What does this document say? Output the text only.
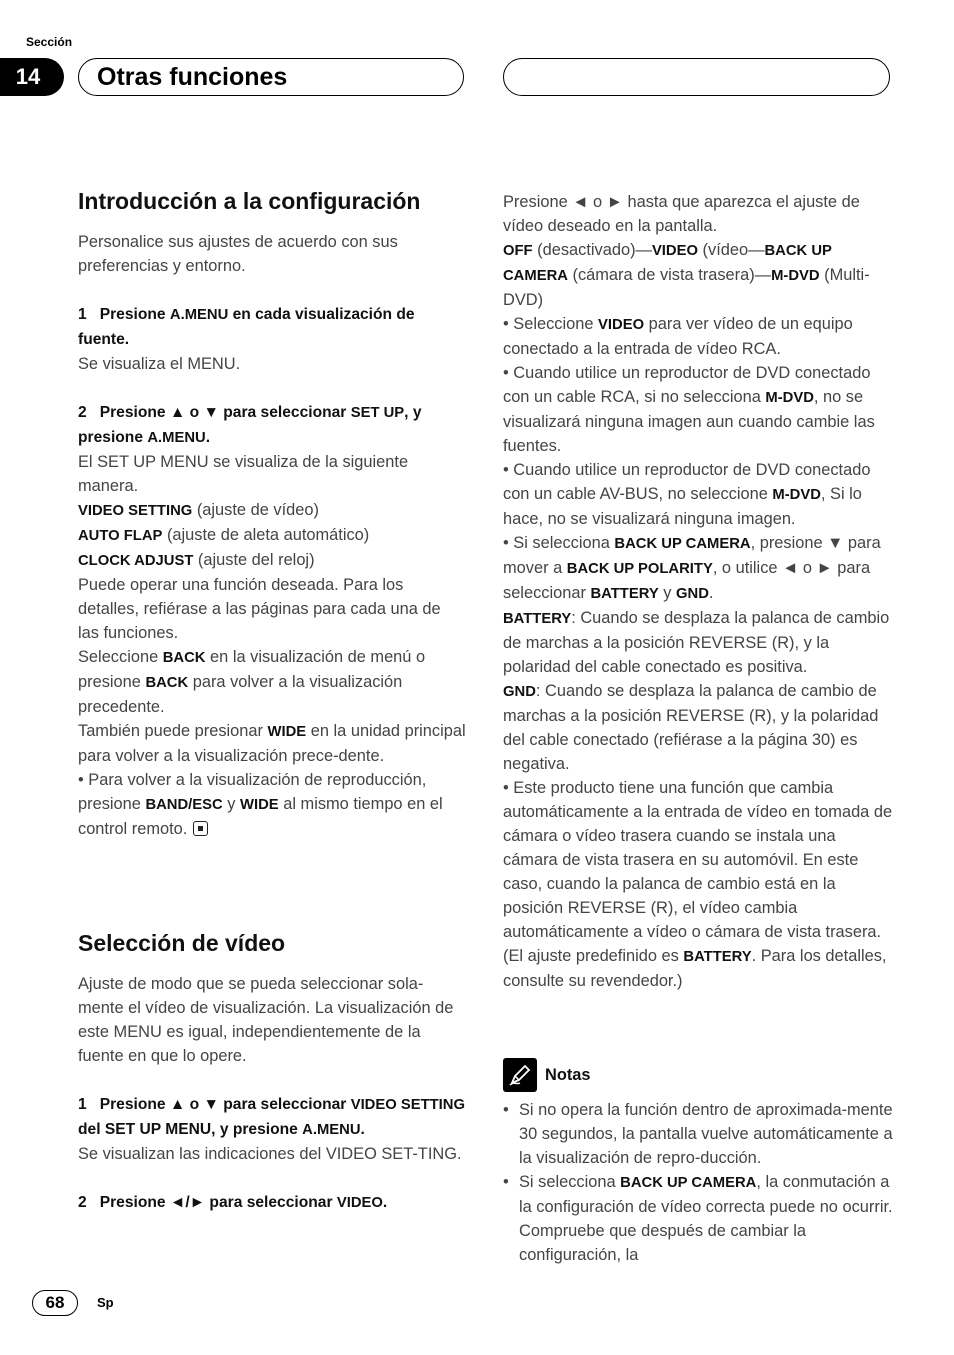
Sección
14	Otras funciones

Introducción a la configuración

Personalice sus ajustes de acuerdo con sus preferencias y entorno.

1 Presione A.MENU en cada visualización de fuente.

Se visualiza el MENU.

2 Presione ▲ o ▼ para seleccionar SET UP, y presione A.MENU.

El SET UP MENU se visualiza de la siguiente manera.

VIDEO SETTING (ajuste de vídeo)

AUTO FLAP (ajuste de aleta automático)

CLOCK ADJUST (ajuste del reloj)

Puede operar una función deseada. Para los detalles, refiérase a las páginas para cada una de las funciones.

Seleccione BACK en la visualización de menú o presione BACK para volver a la visualización precedente.

También puede presionar WIDE en la unidad principal para volver a la visualización prece-dente.

• Para volver a la visualización de reproducción, presione BAND/ESC y WIDE al mismo tiempo en el control remoto.

Selección de vídeo

Ajuste de modo que se pueda seleccionar sola-mente el vídeo de visualización. La visualización de este MENU es igual, independientemente de la fuente en que lo opere.

1 Presione ▲ o ▼ para seleccionar VIDEO SETTING del SET UP MENU, y presione A.MENU.

Se visualizan las indicaciones del VIDEO SET-TING.

2 Presione ◄/► para seleccionar VIDEO.

Presione ◄ o ► hasta que aparezca el ajuste de vídeo deseado en la pantalla.

OFF (desactivado)—VIDEO (vídeo—BACK UP CAMERA (cámara de vista trasera)—M-DVD (Multi-DVD)

• Seleccione VIDEO para ver vídeo de un equipo conectado a la entrada de vídeo RCA.

• Cuando utilice un reproductor de DVD conectado con un cable RCA, si no selecciona M-DVD, no se visualizará ninguna imagen aun cuando cambie las fuentes.

• Cuando utilice un reproductor de DVD conectado con un cable AV-BUS, no seleccione M-DVD, Si lo hace, no se visualizará ninguna imagen.

• Si selecciona BACK UP CAMERA, presione ▼ para mover a BACK UP POLARITY, o utilice ◄ o ► para seleccionar BATTERY y GND.

BATTERY: Cuando se desplaza la palanca de cambio de marchas a la posición REVERSE (R), y la polaridad del cable conectado es positiva.

GND: Cuando se desplaza la palanca de cambio de marchas a la posición REVERSE (R), y la polaridad del cable conectado (refiérase a la página 30) es negativa.

• Este producto tiene una función que cambia automáticamente a la entrada de vídeo en tomada de cámara o vídeo trasera cuando se instala una cámara de vista trasera en su automóvil. En este caso, cuando la palanca de cambio está en la posición REVERSE (R), el vídeo cambia automáticamente a vídeo o cámara de vista trasera. (El ajuste predefinido es BATTERY. Para los detalles, consulte su revendedor.)

Notas
• Si no opera la función dentro de aproximada-mente 30 segundos, la pantalla vuelve automáticamente a la visualización de repro-ducción.
• Si selecciona BACK UP CAMERA, la conmutación a la configuración de vídeo correcta puede no ocurrir. Compruebe que después de cambiar la configuración, la
68	Sp
